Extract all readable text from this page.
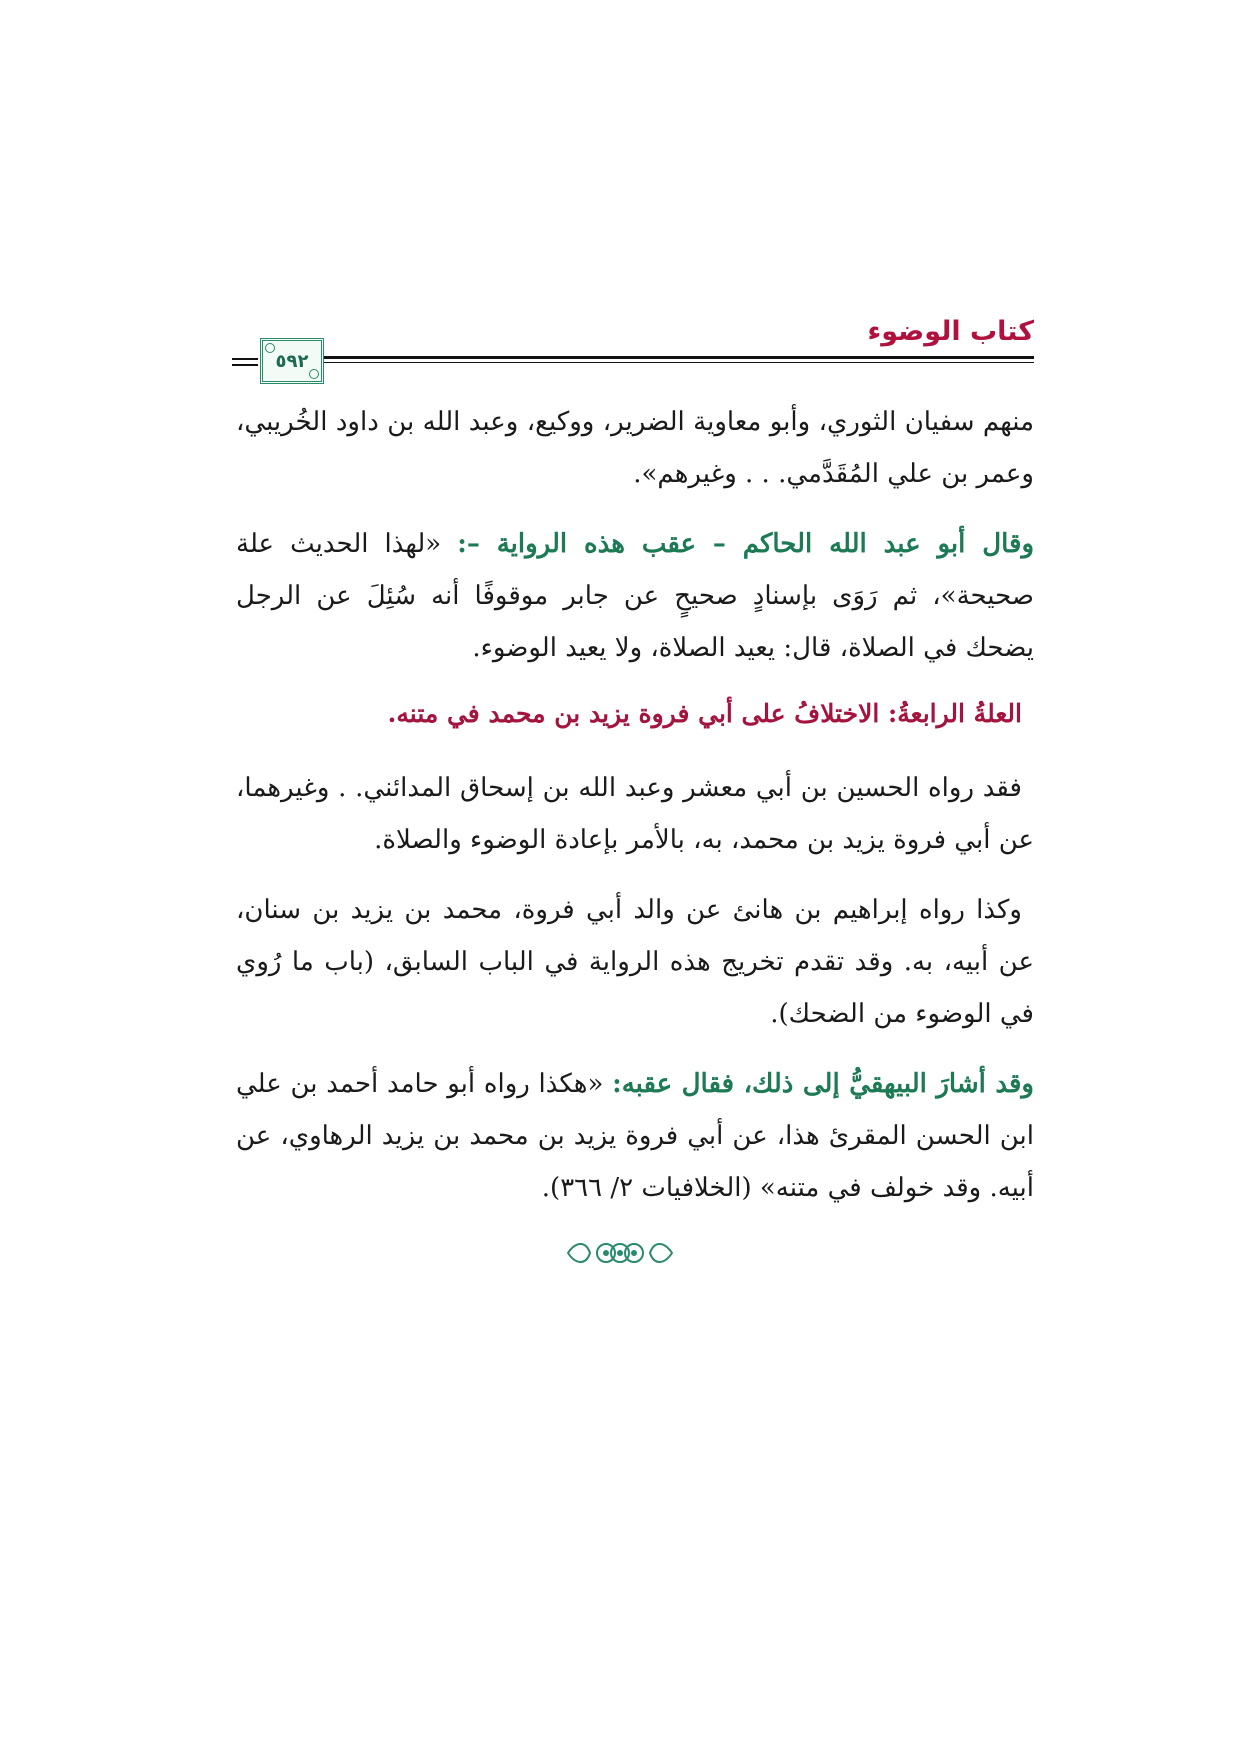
كتاب الوضوء
٥٩٢

منهم سفيان الثوري، وأبو معاوية الضرير، ووكيع، وعبد الله بن داود الخُريبي، وعمر بن علي المُقَدَّمي. . . وغيرهم».

وقال أبو عبد الله الحاكم – عقب هذه الرواية –: «لهذا الحديث علة صحيحة»، ثم رَوَى بإسنادٍ صحيحٍ عن جابر موقوفًا أنه سُئِلَ عن الرجل يضحك في الصلاة، قال: يعيد الصلاة، ولا يعيد الوضوء.

العلةُ الرابعةُ: الاختلافُ على أبي فروة يزيد بن محمد في متنه.

فقد رواه الحسين بن أبي معشر وعبد الله بن إسحاق المدائني. . وغيرهما، عن أبي فروة يزيد بن محمد، به، بالأمر بإعادة الوضوء والصلاة.

وكذا رواه إبراهيم بن هانئ عن والد أبي فروة، محمد بن يزيد بن سنان، عن أبيه، به. وقد تقدم تخريج هذه الرواية في الباب السابق، (باب ما رُوي في الوضوء من الضحك).

وقد أشارَ البيهقيُّ إلى ذلك، فقال عقبه: «هكذا رواه أبو حامد أحمد بن علي ابن الحسن المقرئ هذا، عن أبي فروة يزيد بن محمد بن يزيد الرهاوي، عن أبيه. وقد خولف في متنه» (الخلافيات ٢/ ٣٦٦).
